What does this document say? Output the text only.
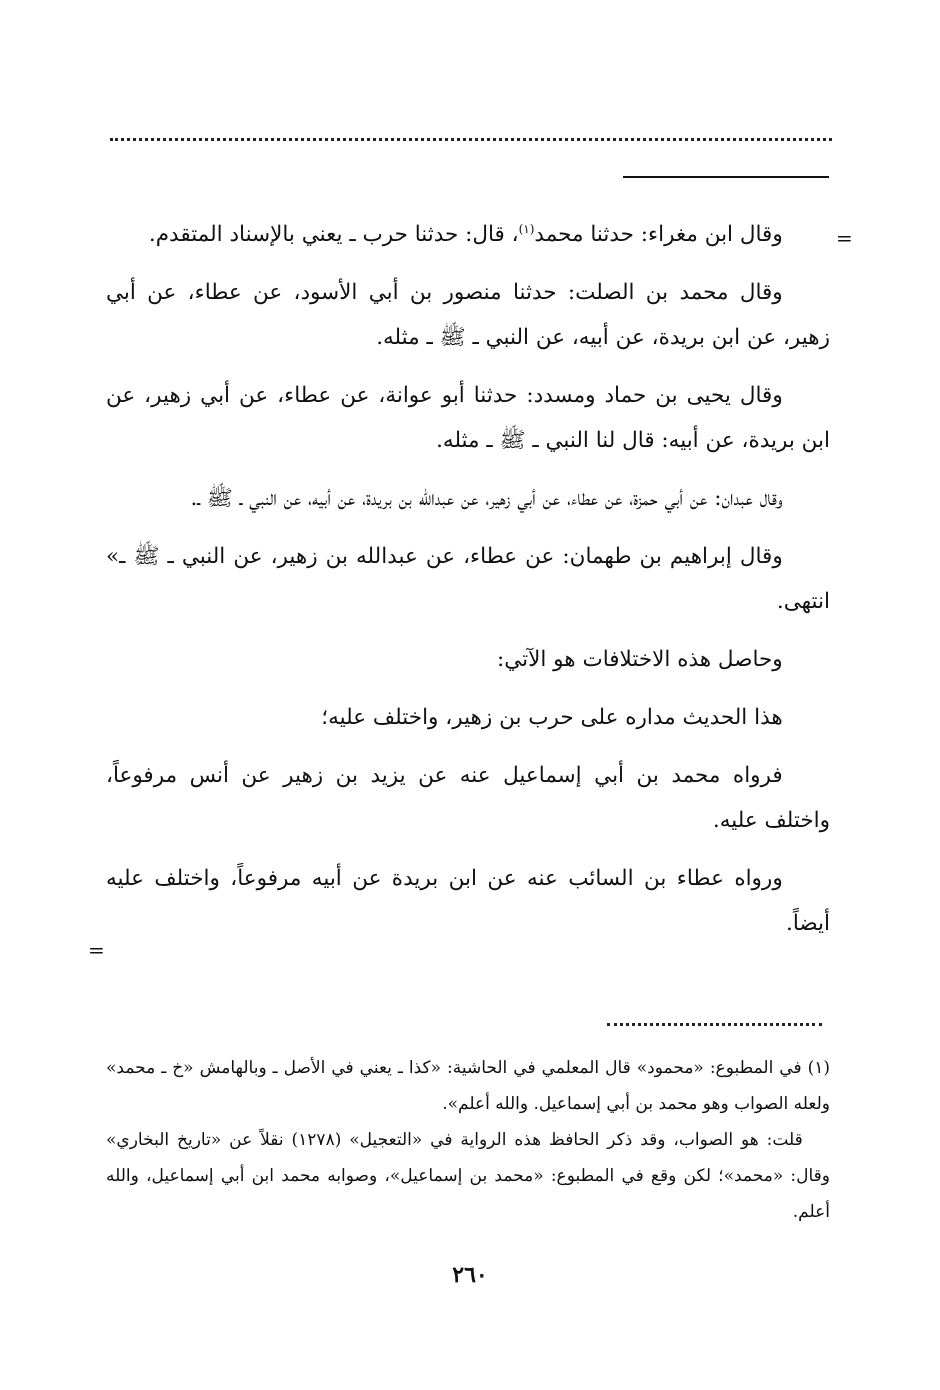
=
=

وقال ابن مغراء: حدثنا محمد$^{(١)}$، قال: حدثنا حرب ـ يعني بالإسناد المتقدم.

وقال محمد بن الصلت: حدثنا منصور بن أبي الأسود، عن عطاء، عن أبي زهير، عن ابن بريدة، عن أبيه، عن النبي ـ ﷺ ـ مثله.

وقال يحيى بن حماد ومسدد: حدثنا أبو عوانة، عن عطاء، عن أبي زهير، عن ابن بريدة، عن أبيه: قال لنا النبي ـ ﷺ ـ مثله.

وقال عبدان: عن أبي حمزة، عن عطاء، عن أبي زهير، عن عبدالله بن بريدة، عن أبيه، عن النبي ـ ﷺ ـ.

وقال إبراهيم بن طهمان: عن عطاء، عن عبدالله بن زهير، عن النبي ـ ﷺ ـ» انتهى.

وحاصل هذه الاختلافات هو الآتي:

هذا الحديث مداره على حرب بن زهير، واختلف عليه؛

فرواه محمد بن أبي إسماعيل عنه عن يزيد بن زهير عن أنس مرفوعاً، واختلف عليه.

ورواه عطاء بن السائب عنه عن ابن بريدة عن أبيه مرفوعاً، واختلف عليه أيضاً.

(١) في المطبوع: «محمود» قال المعلمي في الحاشية: «كذا ـ يعني في الأصل ـ وبالهامش «خ ـ محمد» ولعله الصواب وهو محمد بن أبي إسماعيل. والله أعلم».

قلت: هو الصواب، وقد ذكر الحافظ هذه الرواية في «التعجيل» (١٢٧٨) نقلاً عن «تاريخ البخاري» وقال: «محمد»؛ لكن وقع في المطبوع: «محمد بن إسماعيل»، وصوابه محمد ابن أبي إسماعيل، والله أعلم.

٢٦٠
